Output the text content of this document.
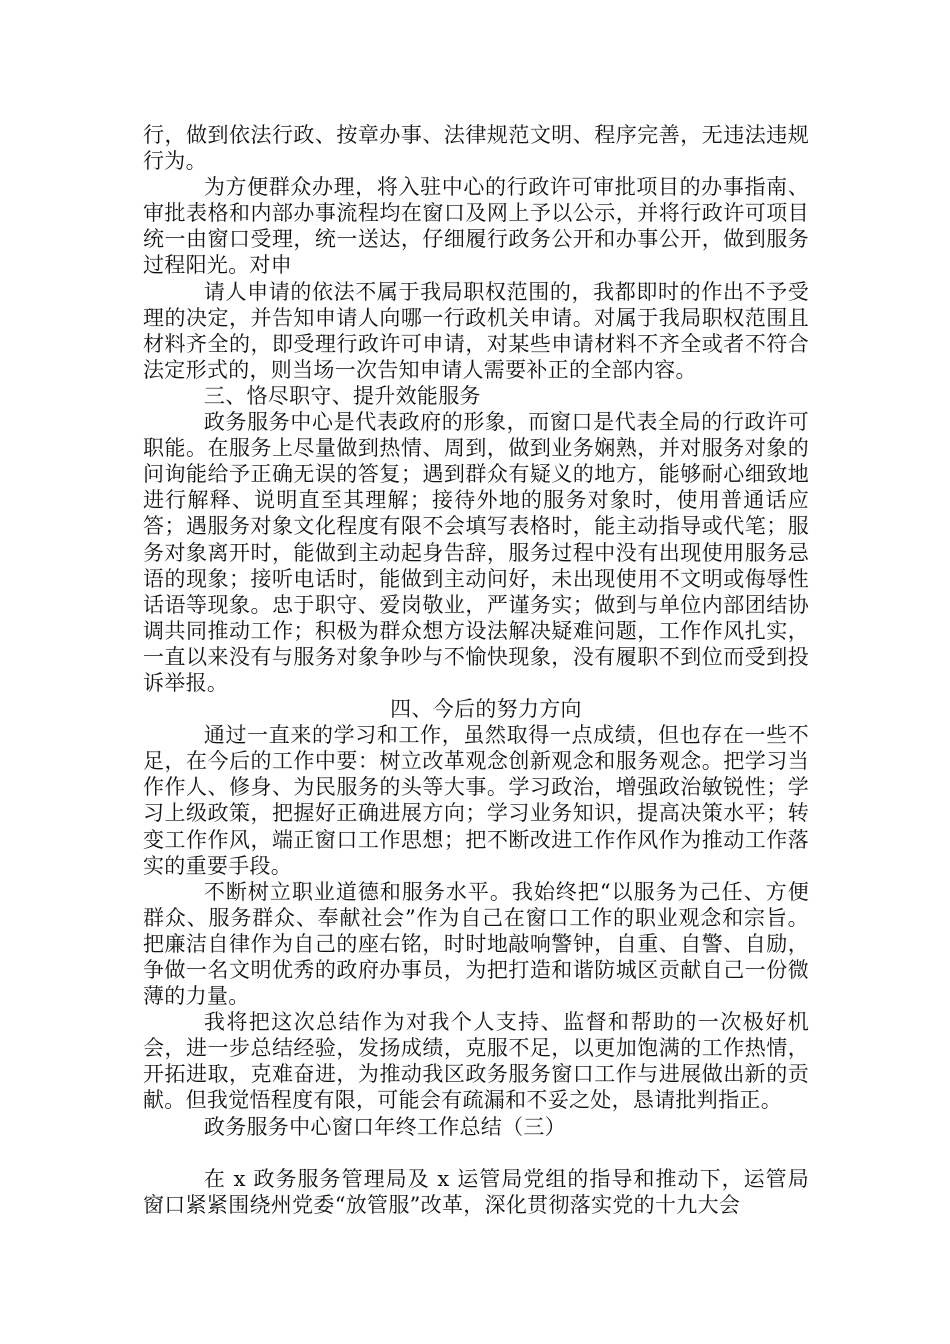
行，做到依法行政、按章办事、法律规范文明、程序完善，无违法违规行为。

为方便群众办理，将入驻中心的行政许可审批项目的办事指南、审批表格和内部办事流程均在窗口及网上予以公示，并将行政许可项目统一由窗口受理，统一送达，仔细履行政务公开和办事公开，做到服务过程阳光。对申

请人申请的依法不属于我局职权范围的，我都即时的作出不予受理的决定，并告知申请人向哪一行政机关申请。对属于我局职权范围且材料齐全的，即受理行政许可申请，对某些申请材料不齐全或者不符合法定形式的，则当场一次告知申请人需要补正的全部内容。

三、恪尽职守、提升效能服务

政务服务中心是代表政府的形象，而窗口是代表全局的行政许可职能。在服务上尽量做到热情、周到，做到业务娴熟，并对服务对象的问询能给予正确无误的答复；遇到群众有疑义的地方，能够耐心细致地进行解释、说明直至其理解；接待外地的服务对象时，使用普通话应答；遇服务对象文化程度有限不会填写表格时，能主动指导或代笔；服务对象离开时，能做到主动起身告辞，服务过程中没有出现使用服务忌语的现象；接听电话时，能做到主动问好，未出现使用不文明或侮辱性话语等现象。忠于职守、爱岗敬业，严谨务实；做到与单位内部团结协调共同推动工作；积极为群众想方设法解决疑难问题，工作作风扎实，一直以来没有与服务对象争吵与不愉快现象，没有履职不到位而受到投诉举报。

四、今后的努力方向

通过一直来的学习和工作，虽然取得一点成绩，但也存在一些不足，在今后的工作中要：树立改革观念创新观念和服务观念。把学习当作作人、修身、为民服务的头等大事。学习政治，增强政治敏锐性；学习上级政策，把握好正确进展方向；学习业务知识，提高决策水平；转变工作作风，端正窗口工作思想；把不断改进工作作风作为推动工作落实的重要手段。

不断树立职业道德和服务水平。我始终把“以服务为己任、方便群众、服务群众、奉献社会”作为自己在窗口工作的职业观念和宗旨。把廉洁自律作为自己的座右铭，时时地敲响警钟，自重、自警、自励，争做一名文明优秀的政府办事员，为把打造和谐防城区贡献自己一份微薄的力量。

我将把这次总结作为对我个人支持、监督和帮助的一次极好机会，进一步总结经验，发扬成绩，克服不足，以更加饱满的工作热情，开拓进取，克难奋进，为推动我区政务服务窗口工作与进展做出新的贡献。但我觉悟程度有限，可能会有疏漏和不妥之处，恳请批判指正。

政务服务中心窗口年终工作总结（三）

在 x 政务服务管理局及 x 运管局党组的指导和推动下，运管局窗口紧紧围绕州党委“放管服”改革，深化贯彻落实党的十九大会
